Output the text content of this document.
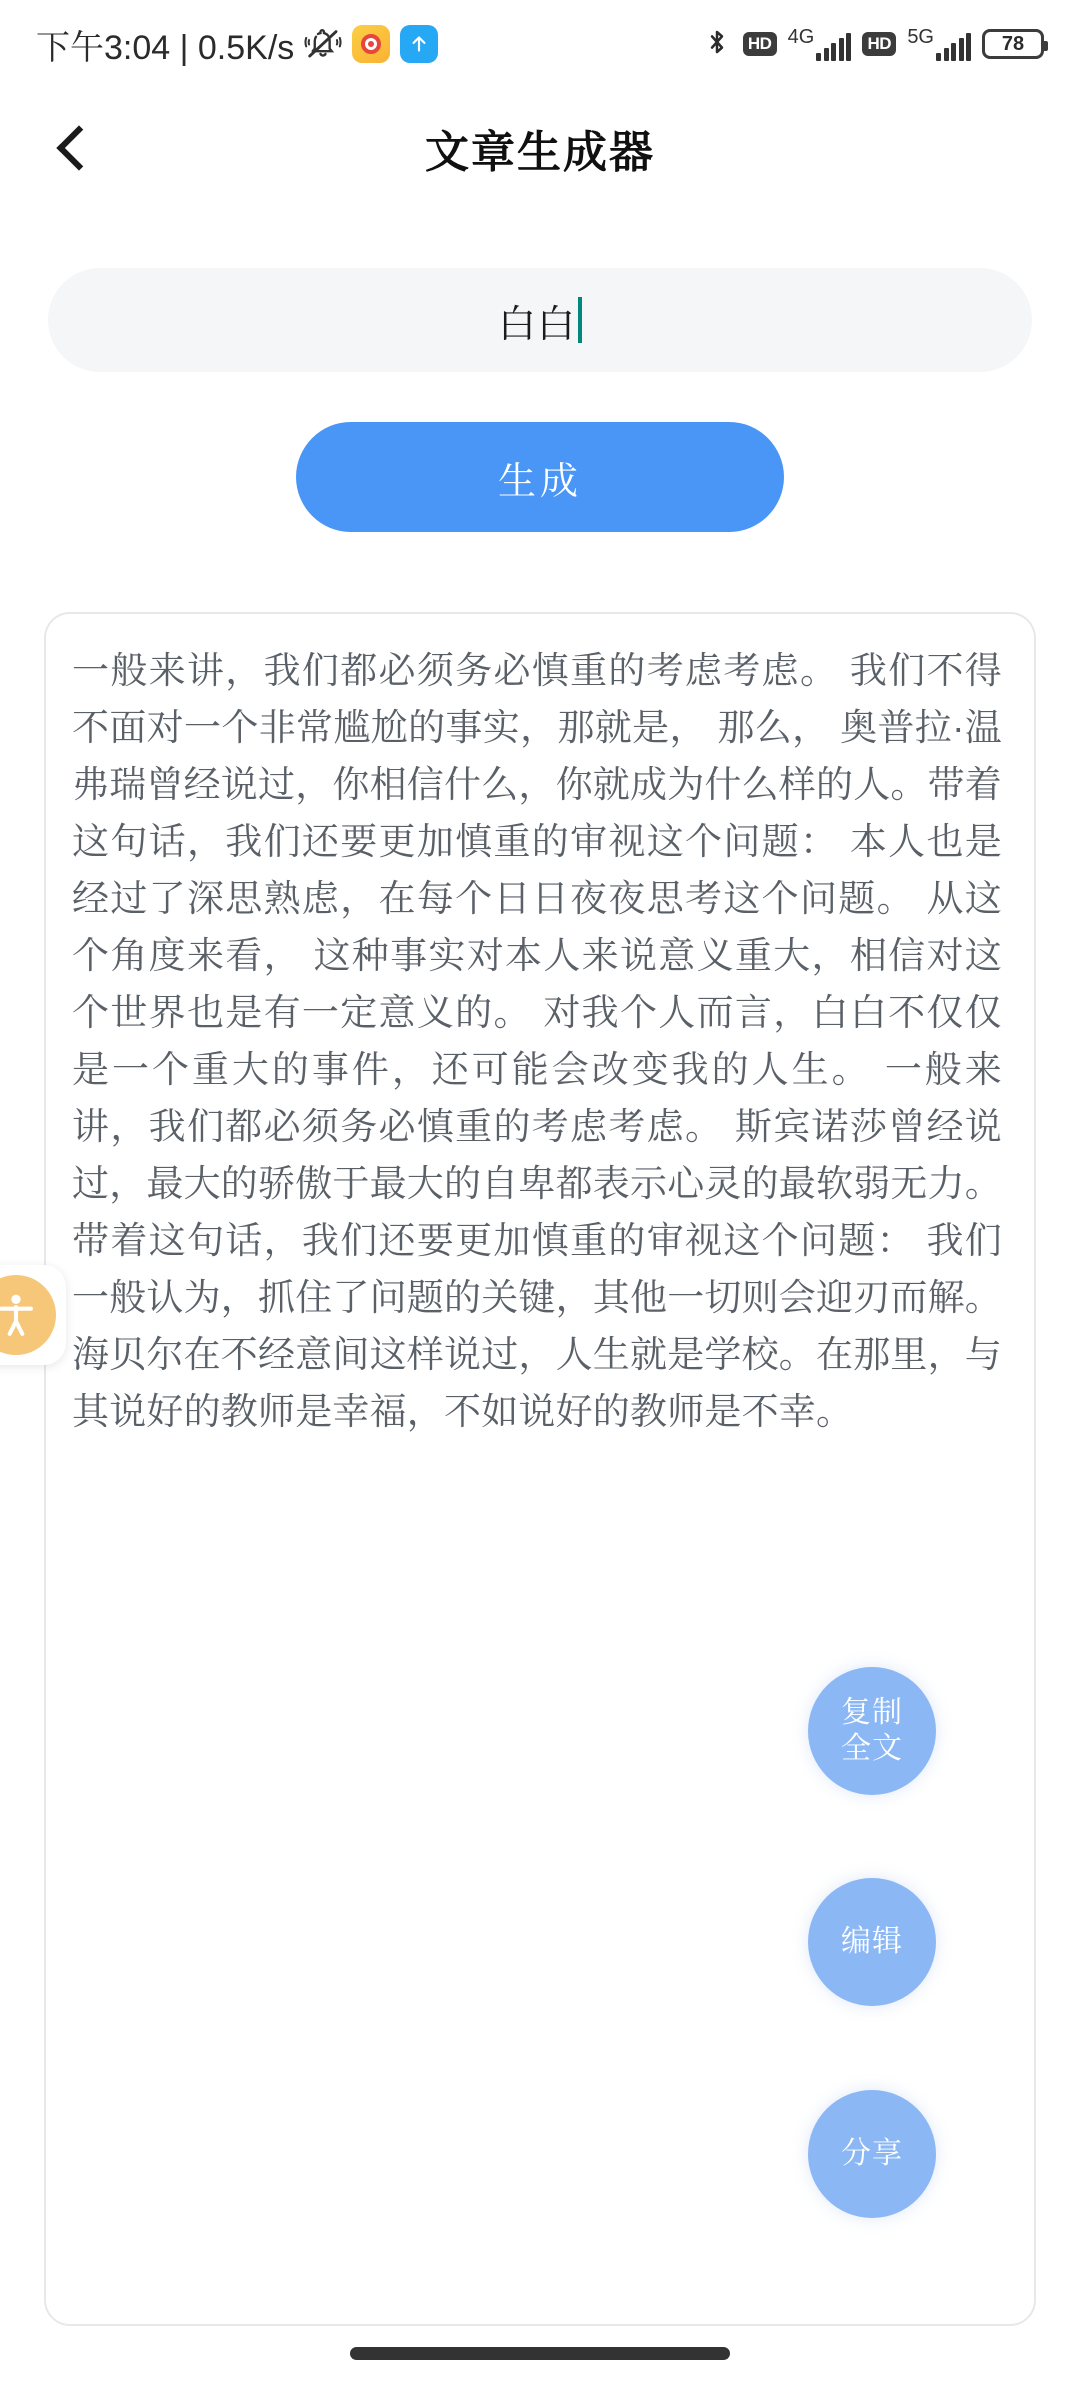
下午3:04 | 0.5K/s	HD 4G	HD 5G	78
文章生成器
白白
生成
一般来讲，我们都必须务必慎重的考虑考虑。 我们不得不面对一个非常尴尬的事实，那就是， 那么， 奥普拉·温弗瑞曾经说过，你相信什么，你就成为什么样的人。带着这句话，我们还要更加慎重的审视这个问题： 本人也是经过了深思熟虑，在每个日日夜夜思考这个问题。 从这个角度来看， 这种事实对本人来说意义重大，相信对这个世界也是有一定意义的。 对我个人而言，白白不仅仅是一个重大的事件，还可能会改变我的人生。 一般来讲，我们都必须务必慎重的考虑考虑。 斯宾诺莎曾经说过，最大的骄傲于最大的自卑都表示心灵的最软弱无力。带着这句话，我们还要更加慎重的审视这个问题： 我们一般认为，抓住了问题的关键，其他一切则会迎刃而解。 海贝尔在不经意间这样说过，人生就是学校。在那里，与其说好的教师是幸福，不如说好的教师是不幸。
复制
全文
编辑
分享
